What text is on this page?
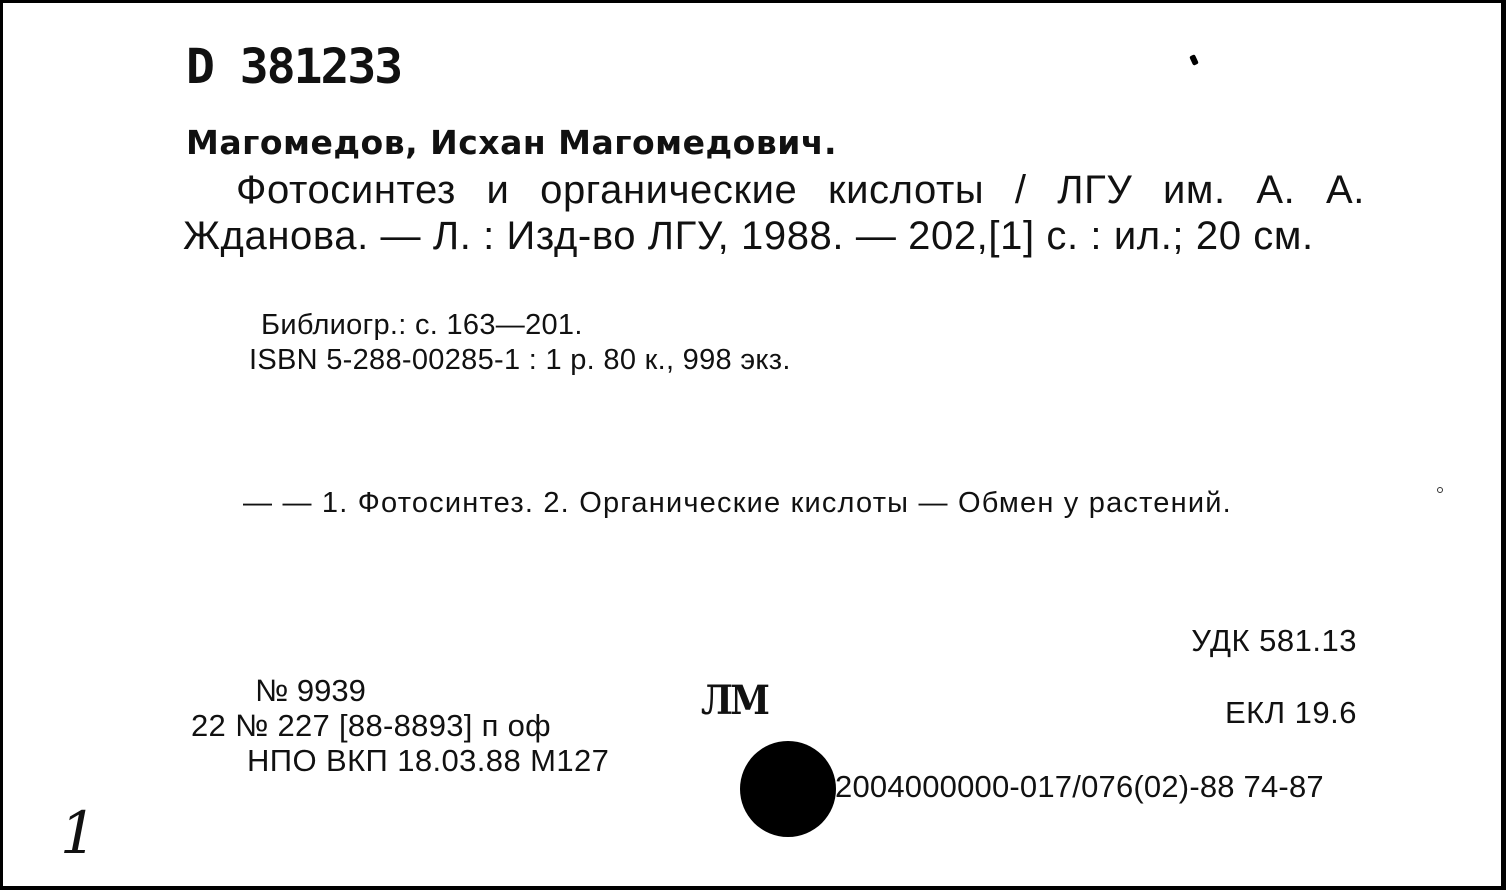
D 381233
Магомедов, Исхан Магомедович.
Фотосинтез и органические кислоты / ЛГУ им. А. А. Жданова. — Л. : Изд-во ЛГУ, 1988. — 202,[1] с. : ил.; 20 см.
Библиогр.: с. 163—201.
ISBN 5-288-00285-1 : 1 р. 80 к., 998 экз.
— — 1. Фотосинтез. 2. Органические кислоты — Обмен у растений.
УДК 581.13
№ 9939	ЛМ	ЕКЛ 19.6
22 № 227 [88-8893] п оф
НПО ВКП 18.03.88 М127
2004000000-017/076(02)-88 74-87
1
